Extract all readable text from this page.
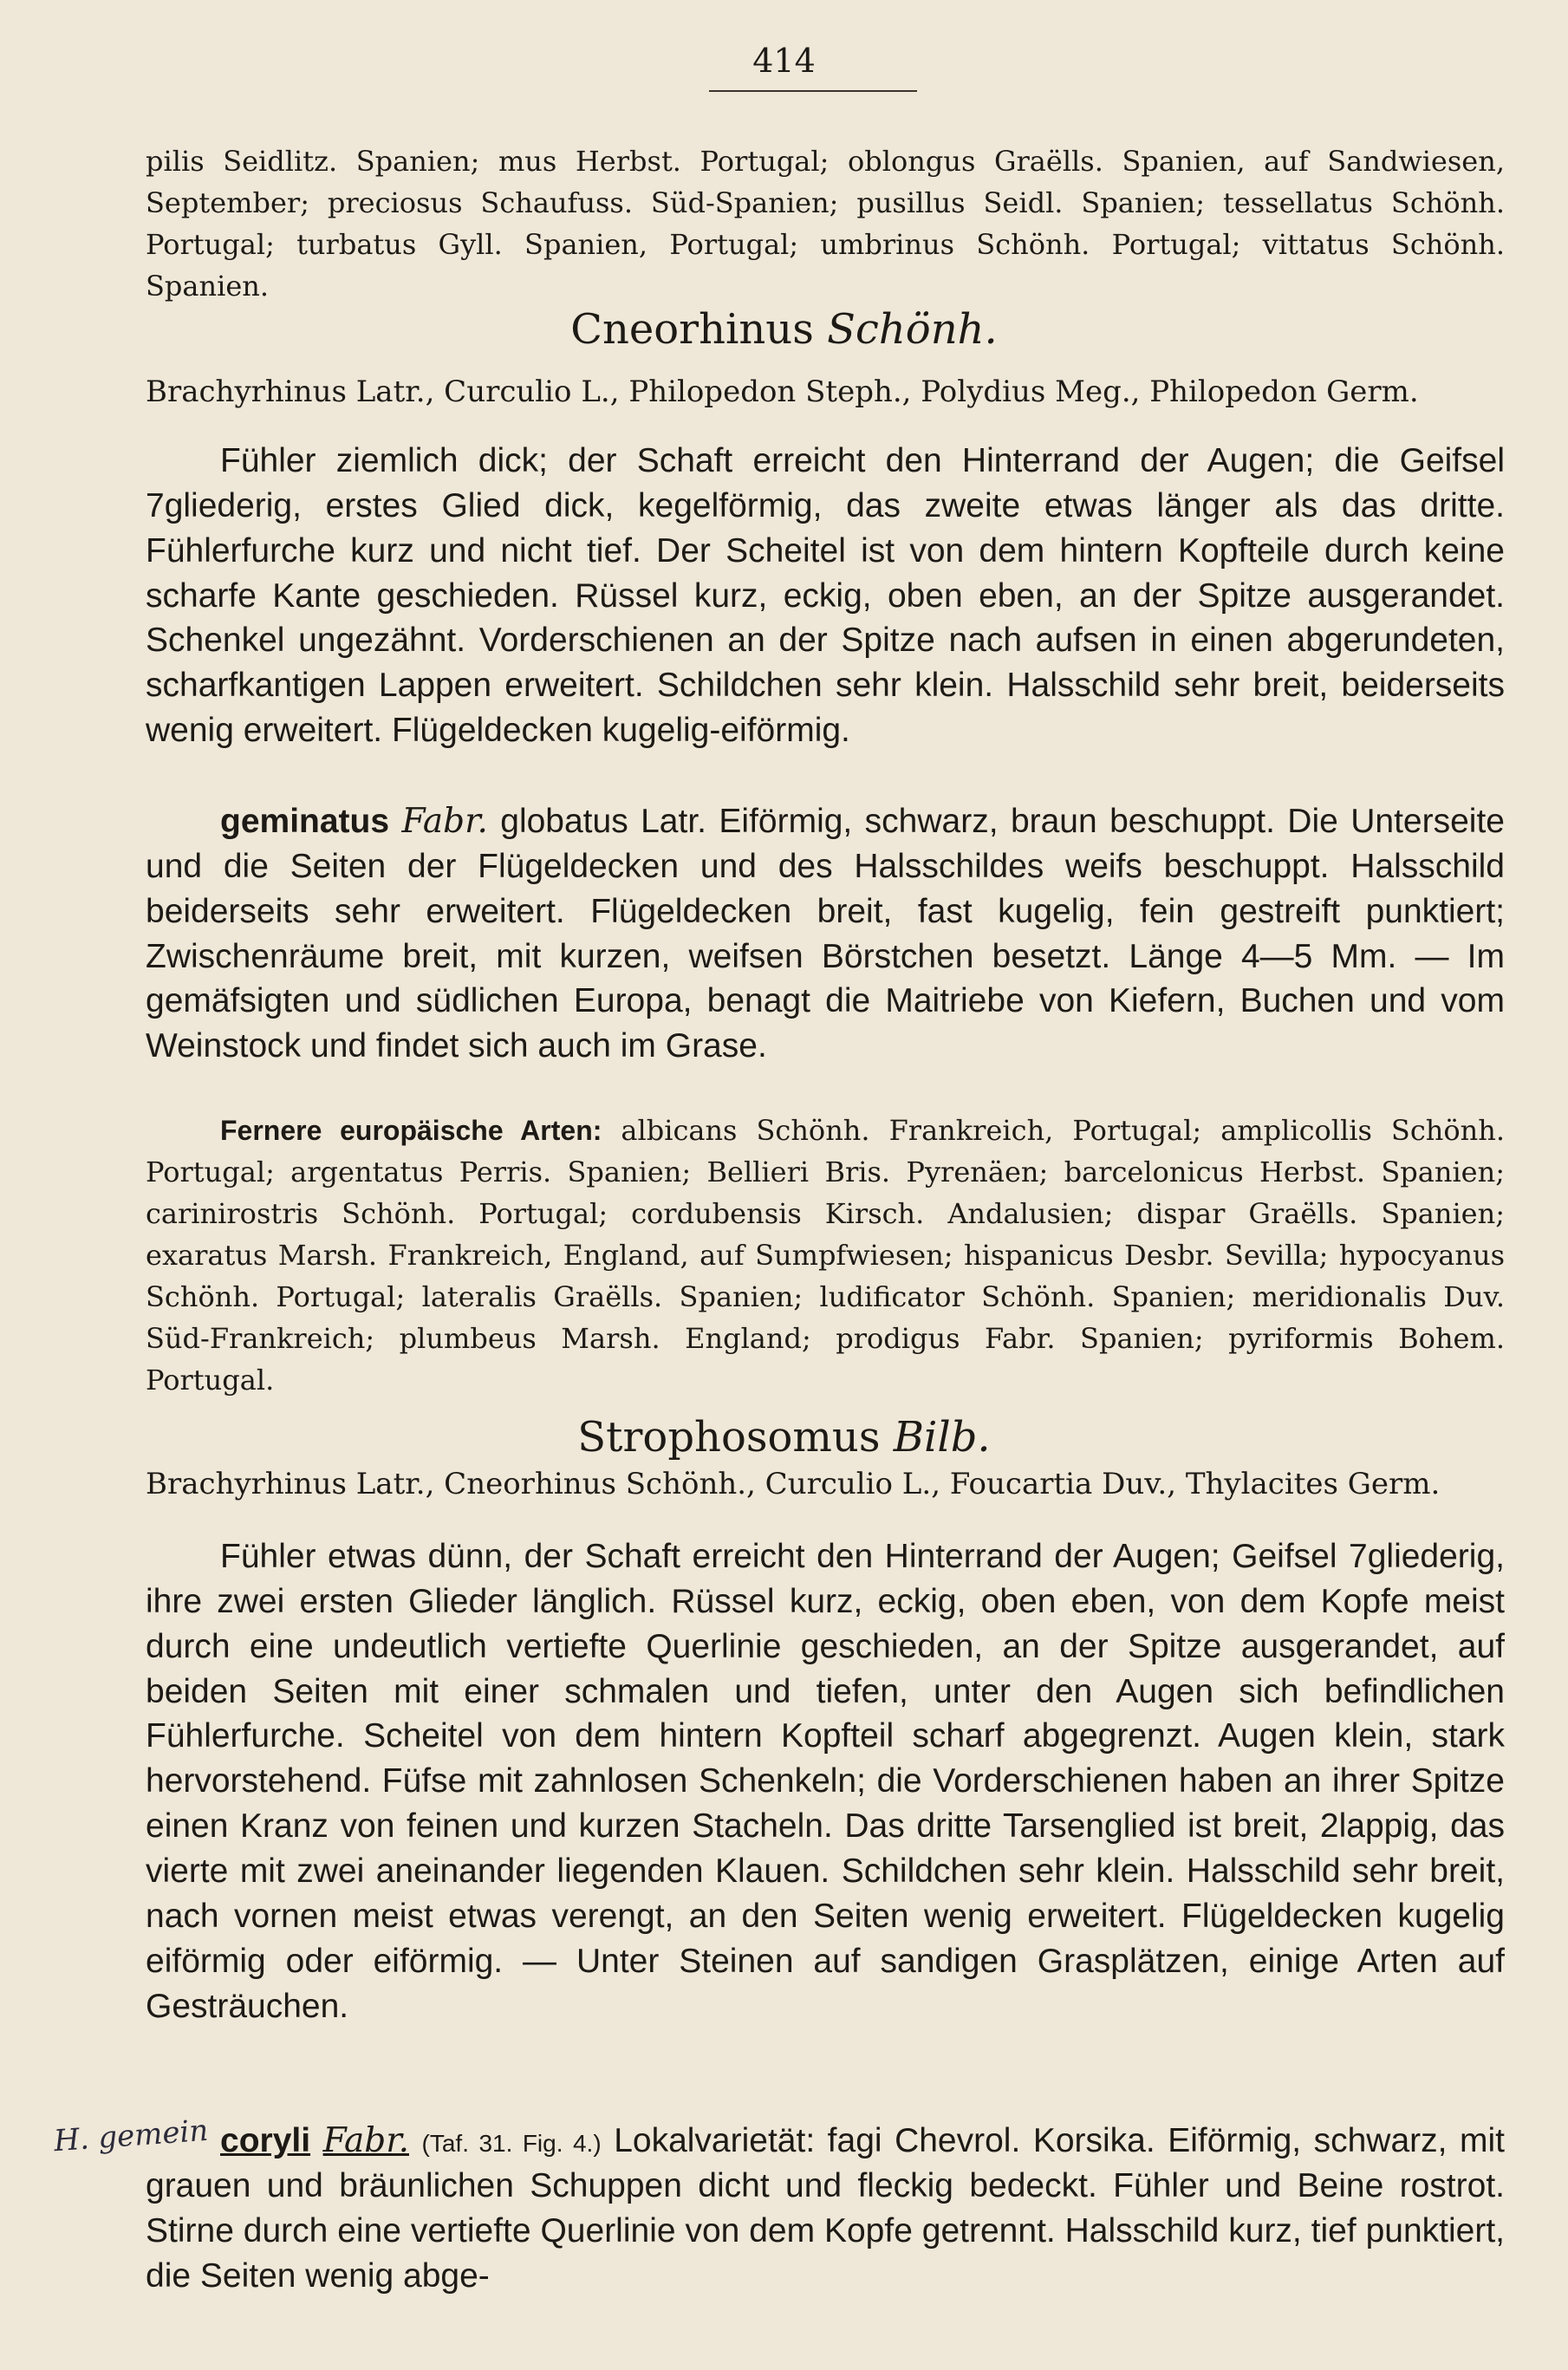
414
pilis Seidlitz. Spanien; mus Herbst. Portugal; oblongus Graëlls. Spanien, auf Sandwiesen, September; preciosus Schaufuss. Süd-Spanien; pusillus Seidl. Spanien; tessellatus Schönh. Portugal; turbatus Gyll. Spanien, Portugal; umbrinus Schönh. Portugal; vittatus Schönh. Spanien.
Cneorhinus Schönh.
Brachyrhinus Latr., Curculio L., Philopedon Steph., Polydius Meg., Philopedon Germ.
Fühler ziemlich dick; der Schaft erreicht den Hinterrand der Augen; die Geifsel 7gliederig, erstes Glied dick, kegelförmig, das zweite etwas länger als das dritte. Fühlerfurche kurz und nicht tief. Der Scheitel ist von dem hintern Kopfteile durch keine scharfe Kante geschieden. Rüssel kurz, eckig, oben eben, an der Spitze ausgerandet. Schenkel ungezähnt. Vorderschienen an der Spitze nach aufsen in einen abgerundeten, scharfkantigen Lappen erweitert. Schildchen sehr klein. Halsschild sehr breit, beiderseits wenig erweitert. Flügeldecken kugelig-eiförmig.
geminatus Fabr. globatus Latr. Eiförmig, schwarz, braun beschuppt. Die Unterseite und die Seiten der Flügeldecken und des Halsschildes weifs beschuppt. Halsschild beiderseits sehr erweitert. Flügeldecken breit, fast kugelig, fein gestreift punktiert; Zwischenräume breit, mit kurzen, weifsen Börstchen besetzt. Länge 4—5 Mm. — Im gemäfsigten und südlichen Europa, benagt die Maitriebe von Kiefern, Buchen und vom Weinstock und findet sich auch im Grase.
Fernere europäische Arten: albicans Schönh. Frankreich, Portugal; amplicollis Schönh. Portugal; argentatus Perris. Spanien; Bellieri Bris. Pyrenäen; barcelonicus Herbst. Spanien; carinirostris Schönh. Portugal; cordubensis Kirsch. Andalusien; dispar Graëlls. Spanien; exaratus Marsh. Frankreich, England, auf Sumpfwiesen; hispanicus Desbr. Sevilla; hypocyanus Schönh. Portugal; lateralis Graëlls. Spanien; ludificator Schönh. Spanien; meridionalis Duv. Süd-Frankreich; plumbeus Marsh. England; prodigus Fabr. Spanien; pyriformis Bohem. Portugal.
Strophosomus Bilb.
Brachyrhinus Latr., Cneorhinus Schönh., Curculio L., Foucartia Duv., Thylacites Germ.
Fühler etwas dünn, der Schaft erreicht den Hinterrand der Augen; Geifsel 7gliederig, ihre zwei ersten Glieder länglich. Rüssel kurz, eckig, oben eben, von dem Kopfe meist durch eine undeutlich vertiefte Querlinie geschieden, an der Spitze ausgerandet, auf beiden Seiten mit einer schmalen und tiefen, unter den Augen sich befindlichen Fühlerfurche. Scheitel von dem hintern Kopfteil scharf abgegrenzt. Augen klein, stark hervorstehend. Füfse mit zahnlosen Schenkeln; die Vorderschienen haben an ihrer Spitze einen Kranz von feinen und kurzen Stacheln. Das dritte Tarsenglied ist breit, 2lappig, das vierte mit zwei aneinander liegenden Klauen. Schildchen sehr klein. Halsschild sehr breit, nach vornen meist etwas verengt, an den Seiten wenig erweitert. Flügeldecken kugelig eiförmig oder eiförmig. — Unter Steinen auf sandigen Grasplätzen, einige Arten auf Gesträuchen.
H. gemein coryli Fabr. (Taf. 31. Fig. 4.) Lokalvarietät: fagi Chevrol. Korsika. Eiförmig, schwarz, mit grauen und bräunlichen Schuppen dicht und fleckig bedeckt. Fühler und Beine rostrot. Stirne durch eine vertiefte Querlinie von dem Kopfe getrennt. Halsschild kurz, tief punktiert, die Seiten wenig abge-
